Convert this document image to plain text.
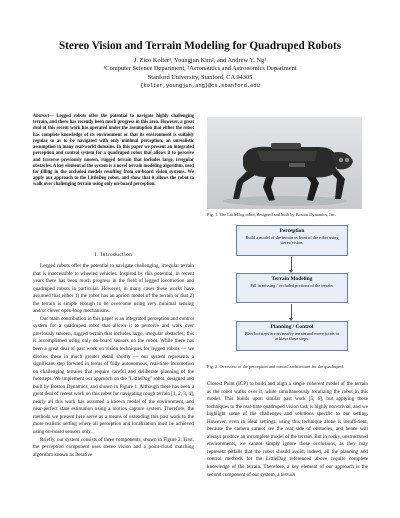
Stereo Vision and Terrain Modeling for Quadruped Robots
J. Zico Kolter¹, Youngjun Kim², and Andrew Y. Ng¹
¹Computer Science Department, ²Aeronautics and Astronomics Department
Stanford University, Stanford, CA 94305
{kolter,youngjun,ang}@cs.stanford.edu
Abstract— Legged robots offer the potential to navigate highly challenging terrain, and there has recently been much progress in this area. However, a great deal of this recent work has operated under the assumption that either the robot has complete knowledge of its environment or that its environment is suitably regular so as to be navigated with only minimal perception, an unrealistic assumption in many real-world domains. In this paper we present an integrated perception and control system for a quadruped robot that allows it to perceive and traverse previously unseen, rugged terrain that includes large, irregular obstacles. A key element of the system is a novel terrain modeling algorithm, used for filling in the occluded models resulting from on-board vision systems. We apply our approach to the LittleDog robot, and show that it allows the robot to walk over challenging terrain using only on-board perception.
I. Introduction

Legged robots offer the potential to navigate challenging, irregular terrain that is inaccessible to wheeled vehicles. Inspired by this potential, in recent years there has been much progress in the field of legged locomotion and quadruped robots in particular. However, in many cases these works have assumed that either 1) the robot has an apriori model of the terrain or that 2) the terrain is simple enough to be overcome using very minimal sensing and/or clever open-loop mechanisms.

Our main contribution in this paper is an integrated perception and control system for a quadruped robot that allows it to perceive and walk over previously unseen, rugged terrain that includes large, irregular obstacles; this is accomplished using only on-board sensors on the robot. While there has been a great deal of past work on vision techniques for legged robots — we discuss these in much greater detail shortly — our system represents a significant step forward in terms of fully autonomous, real-time locomotion on challenging terrains that require careful and deliberate planning of the footsteps. We implement our approach on the "LittleDog" robot, designed and built by Boston Dynamics, and shown in Figure 1. Although there has been a great deal of recent work on this robot for navigating rough terrain [1, 2, 3, 4], nearly all this work has assumed a known model of the environment, and near-perfect state estimation using a motion capture system. Therefore, the methods we present here serve as a means of extending this past work to the more realistic setting where all perception and localization must be achieved using on-board sensors only.

Briefly, our system consists of three components, shown in Figure 2. First, the perception component uses stereo vision and a point-cloud matching algorithm known as Iterative

Fig. 1. The LittleDog robot, designed and built by Boston Dynamics, Inc.
Perception
Build a model of the terrain in front of the robot using stereo vision.
Terrain Modeling
Fill in missing / occluded portions of the terrain.
Planning / Control
Plan footsteps across nearby terrain and move joints to achieve these steps.
Fig. 2. Overview of the perception and control architecture for the quadruped.
Closest Point (ICP) to build and align a single coherent model of the terrain as the robot walks over it, while simultaneously localizing the robot in this model. This builds upon similar past work [5, 6], but applying these techniques to the real-time quadruped vision task is highly non-trivial, and we highlight some of the challenges and solutions specific to our setting. However, even in ideal settings, using this technique alone is insufficient, because the camera cannot see the rear side of obstacles, and hence will always produce an incomplete model of the terrain. But in rocky, unstructured environments, we cannot simply ignore these occlusions, as they may represent pitfalls that the robot should avoid; indeed, all the planning and control methods for the LittleDog referenced above require complete knowledge of the terrain. Therefore, a key element of our approach is the second component of our system, a terrain
